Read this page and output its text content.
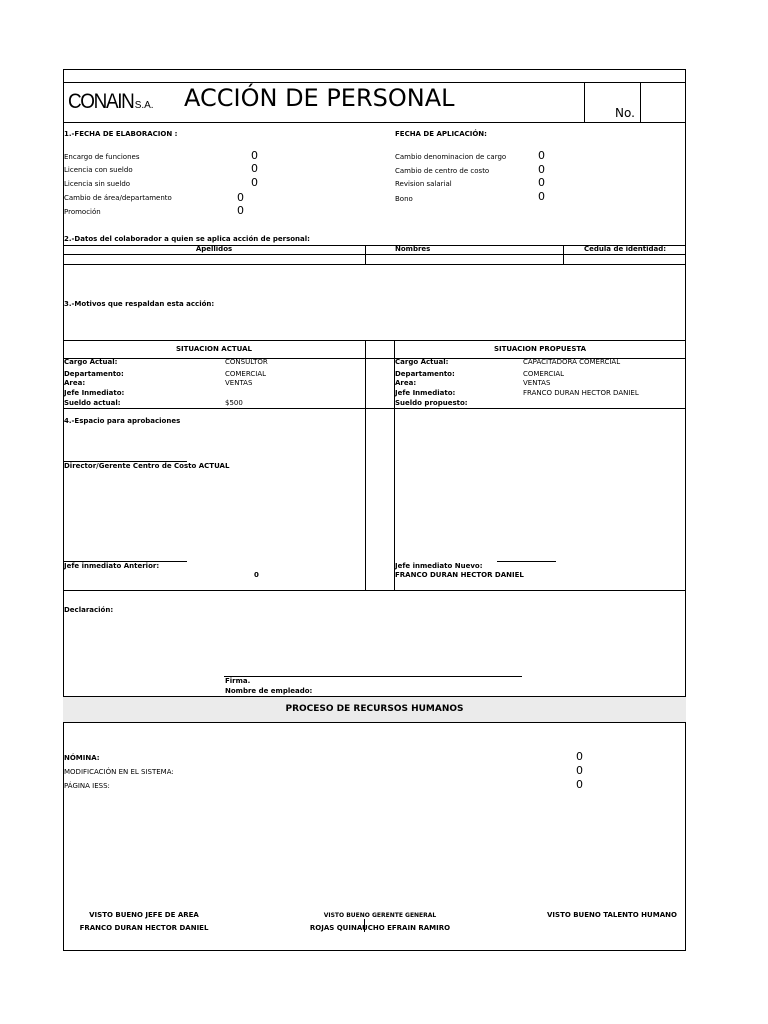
CONAINS.A. ACCIÓN DE PERSONAL
No.
1.-FECHA DE ELABORACION :	FECHA DE APLICACIÓN:
Encargo de funciones	0
Licencia con sueldo	0
Licencia sin sueldo	0
Cambio de área/departamento	0
Promoción	0
Cambio denominacion de cargo	0
Cambio de centro de costo	0
Revision salarial	0
Bono	0
2.-Datos del colaborador a quien se aplica acción de personal:
Apellidos	Nombres	Cedula de identidad:
3.-Motivos que respaldan esta acción:
SITUACION ACTUAL	SITUACION PROPUESTA
Cargo Actual:	CONSULTOR
Departamento:	COMERCIAL
Area:	VENTAS
Jefe Inmediato:
Sueldo actual:	$500
Cargo Actual:	CAPACITADORA COMERCIAL
Departamento:	COMERCIAL
Area:	VENTAS
Jefe Inmediato:	FRANCO DURAN HECTOR DANIEL
Sueldo propuesto:
4.-Espacio para aprobaciones
Director/Gerente Centro de Costo ACTUAL
Jefe inmediato Anterior:
0
Jefe inmediato Nuevo:
FRANCO DURAN HECTOR DANIEL
Declaración:
Firma.
Nombre de empleado:
PROCESO DE RECURSOS HUMANOS
NÓMINA:	0
MODIFICACIÓN EN EL SISTEMA:	0
PÁGINA IESS:	0
VISTO BUENO JEFE DE AREA
FRANCO DURAN HECTOR DANIEL
VISTO BUENO GERENTE GENERAL
ROJAS QUINAUCHO EFRAIN RAMIRO
VISTO BUENO TALENTO HUMANO
